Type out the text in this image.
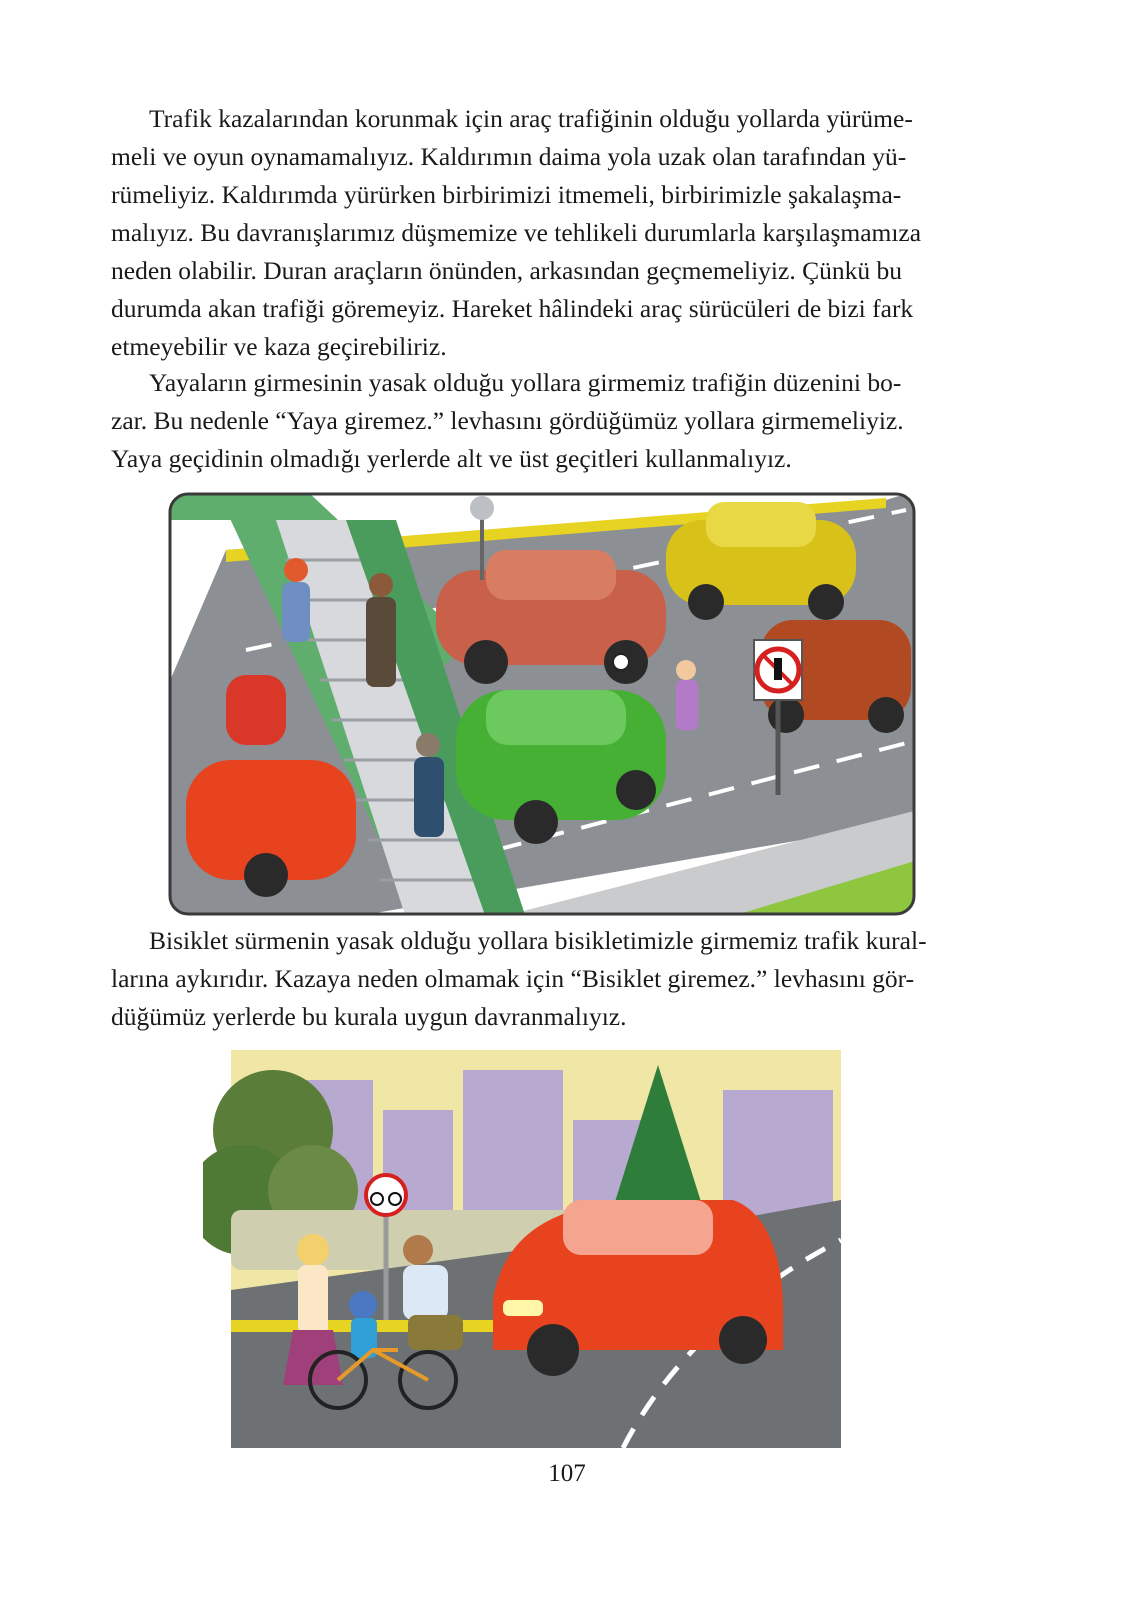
Trafik kazalarından korunmak için araç trafiğinin olduğu yollarda yürüme-
meli ve oyun oynamamalıyız. Kaldırımın daima yola uzak olan tarafından yü-
rümeliyiz. Kaldırımda yürürken birbirimizi itmemeli, birbirimizle şakalaşma-
malıyız. Bu davranışlarımız düşmemize ve tehlikeli durumlarla karşılaşmamıza
neden olabilir. Duran araçların önünden, arkasından geçmemeliyiz. Çünkü bu
durumda akan trafiği göremeyiz. Hareket hâlindeki araç sürücüleri de bizi fark
etmeyebilir ve kaza geçirebiliriz.

Yayaların girmesinin yasak olduğu yollara girmemiz trafiğin düzenini bo-
zar. Bu nedenle “Yaya giremez.” levhasını gördüğümüz yollara girmemeliyiz.
Yaya geçidinin olmadığı yerlerde alt ve üst geçitleri kullanmalıyız.

Bisiklet sürmenin yasak olduğu yollara bisikletimizle girmemiz trafik kural-
larına aykırıdır. Kazaya neden olmamak için “Bisiklet giremez.” levhasını gör-
düğümüz yerlerde bu kurala uygun davranmalıyız.

107
